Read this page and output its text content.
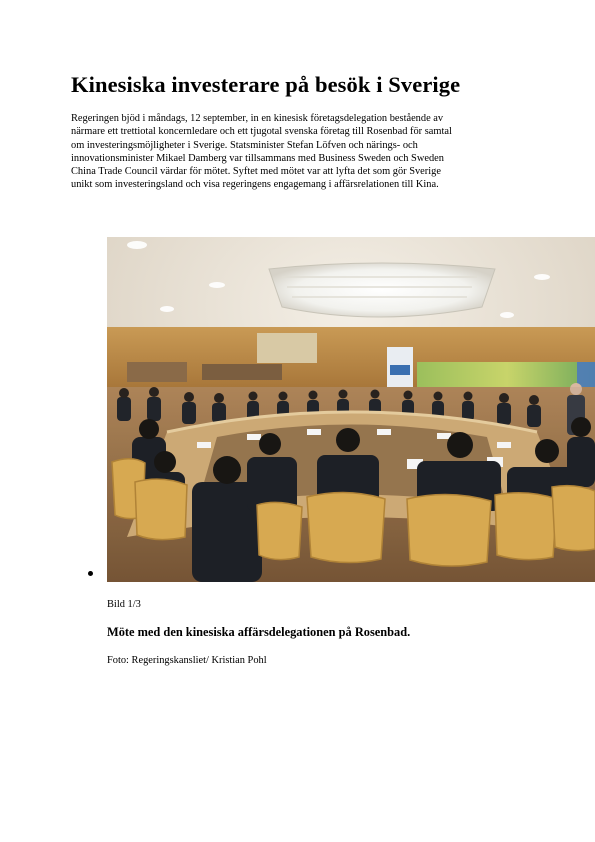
Kinesiska investerare på besök i Sverige
Regeringen bjöd i måndags, 12 september, in en kinesisk företagsdelegation bestående av
närmare ett trettiotal koncernledare och ett tjugotal svenska företag till Rosenbad för samtal
om investeringsmöjligheter i Sverige. Statsminister Stefan Löfven och närings- och
innovationsminister Mikael Damberg var tillsammans med Business Sweden och Sweden
China Trade Council värdar för mötet. Syftet med mötet var att lyfta det som gör Sverige
unikt som investeringsland och visa regeringens engagemang i affärsrelationen till Kina.

Bild 1/3

Möte med den kinesiska affärsdelegationen på Rosenbad.

Foto: Regeringskansliet/ Kristian Pohl
